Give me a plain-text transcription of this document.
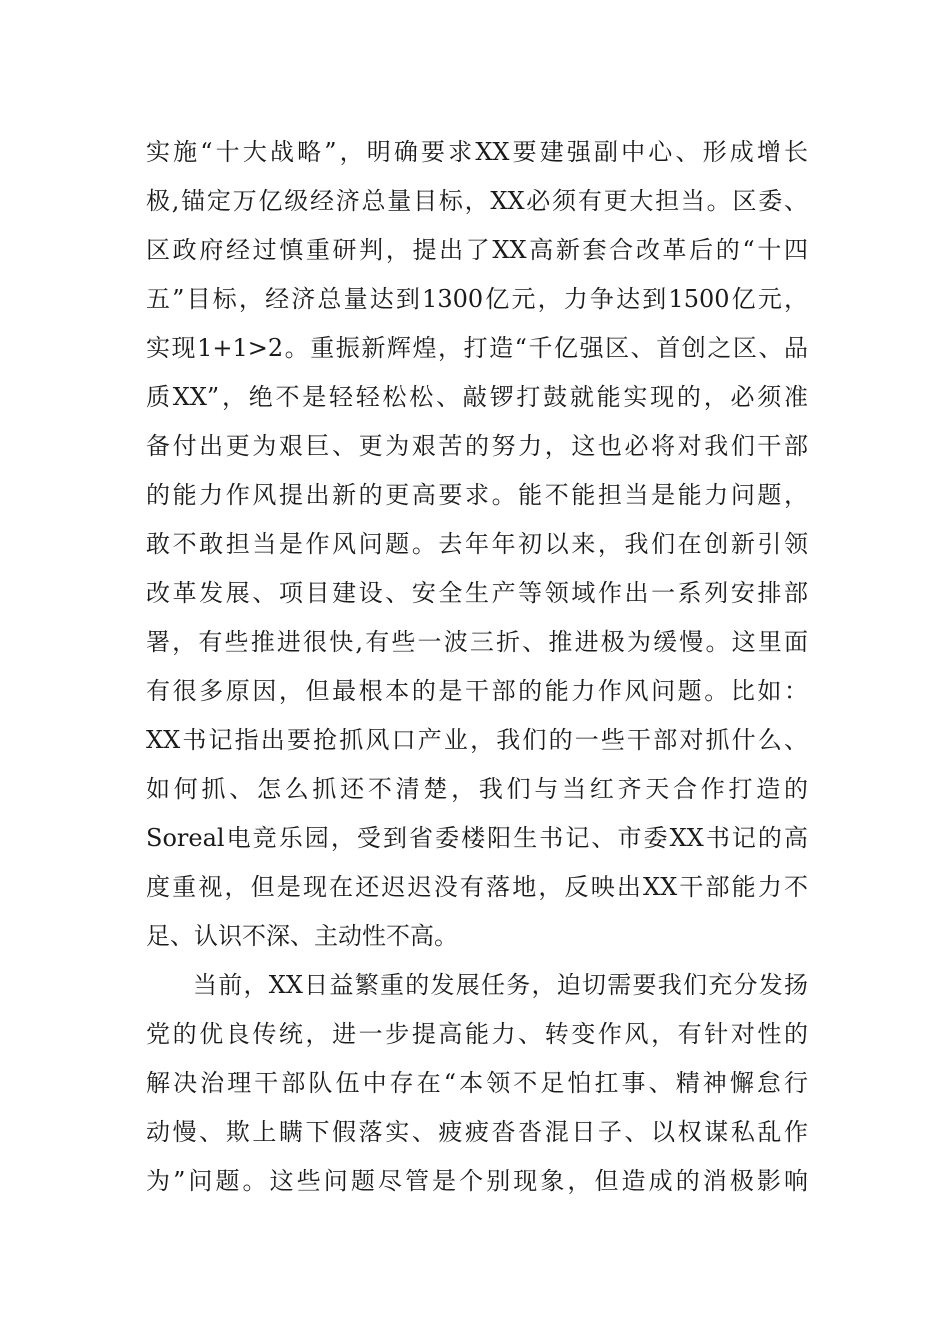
实施“十大战略”，明确要求XX要建强副中心、形成增长
极,锚定万亿级经济总量目标，XX必须有更大担当。区委、
区政府经过慎重研判，提出了XX高新套合改革后的“十四
五”目标，经济总量达到1300亿元，力争达到1500亿元，
实现1+1>2。重振新辉煌，打造“千亿强区、首创之区、品
质XX”，绝不是轻轻松松、敲锣打鼓就能实现的，必须准
备付出更为艰巨、更为艰苦的努力，这也必将对我们干部
的能力作风提出新的更高要求。能不能担当是能力问题，
敢不敢担当是作风问题。去年年初以来，我们在创新引领
改革发展、项目建设、安全生产等领域作出一系列安排部
署，有些推进很快,有些一波三折、推进极为缓慢。这里面
有很多原因，但最根本的是干部的能力作风问题。比如：
XX书记指出要抢抓风口产业，我们的一些干部对抓什么、
如何抓、怎么抓还不清楚，我们与当红齐天合作打造的
Soreal电竞乐园，受到省委楼阳生书记、市委XX书记的高
度重视，但是现在还迟迟没有落地，反映出XX干部能力不
足、认识不深、主动性不高。
当前，XX日益繁重的发展任务，迫切需要我们充分发扬
党的优良传统，进一步提高能力、转变作风，有针对性的
解决治理干部队伍中存在“本领不足怕扛事、精神懈怠行
动慢、欺上瞒下假落实、疲疲沓沓混日子、以权谋私乱作
为”问题。这些问题尽管是个别现象，但造成的消极影响
